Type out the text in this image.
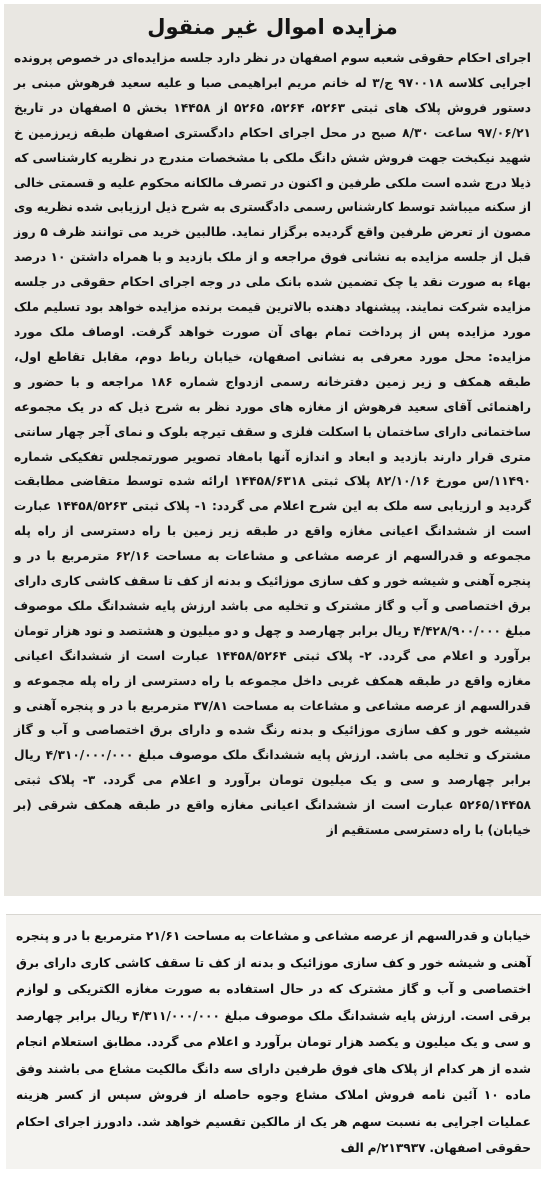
مزایده اموال غیر منقول

اجرای احکام حقوقی شعبه سوم اصفهان در نظر دارد جلسه مزایده‌ای در خصوص پرونده اجرایی کلاسه ۹۷۰۰۱۸ ج/۳ له خانم مریم ابراهیمی صبا و علیه سعید فرهوش مبنی بر دستور فروش پلاک های ثبتی ۵۲۶۳، ۵۲۶۴، ۵۲۶۵ از ۱۴۴۵۸ بخش ۵ اصفهان در تاریخ ۹۷/۰۶/۲۱ ساعت ۸/۳۰ صبح در محل اجرای احکام دادگستری اصفهان طبقه زیرزمین خ شهید نیکبخت جهت فروش شش دانگ ملکی با مشخصات مندرج در نظریه کارشناسی که ذیلا درج شده است ملکی طرفین و اکنون در تصرف مالکانه محکوم علیه و قسمتی خالی از سکنه میباشد توسط کارشناس رسمی دادگستری به شرح ذیل ارزیابی شده نظریه وی مصون از تعرض طرفین واقع گردیده برگزار نماید. طالبین خرید می توانند ظرف ۵ روز قبل از جلسه مزایده به نشانی فوق مراجعه و از ملک بازدید و با همراه داشتن ۱۰ درصد بهاء به صورت نقد یا چک تضمین شده بانک ملی در وجه اجرای احکام حقوقی در جلسه مزایده شرکت نمایند. پیشنهاد دهنده بالاترین قیمت برنده مزایده خواهد بود تسلیم ملک مورد مزایده پس از پرداخت تمام بهای آن صورت خواهد گرفت. اوصاف ملک مورد مزایده: محل مورد معرفی به نشانی اصفهان، خیابان رباط دوم، مقابل تقاطع اول، طبقه همکف و زیر زمین دفترخانه رسمی ازدواج شماره ۱۸۶ مراجعه و با حضور و راهنمائی آقای سعید فرهوش از مغازه های مورد نظر به شرح ذیل که در یک مجموعه ساختمانی دارای ساختمان با اسکلت فلزی و سقف تیرچه بلوک و نمای آجر چهار سانتی متری قرار دارند بازدید و ابعاد و اندازه آنها بامفاد تصویر صورتمجلس تفکیکی شماره ۱۱۴۹۰/س مورخ ۸۲/۱۰/۱۶ پلاک ثبتی ۱۴۴۵۸/۶۳۱۸ ارائه شده توسط متقاضی مطابقت گردید و ارزیابی سه ملک به این شرح اعلام می گردد: ۱- پلاک ثبتی ۱۴۴۵۸/۵۲۶۳ عبارت است از ششدانگ اعیانی مغازه واقع در طبقه زیر زمین با راه دسترسی از راه پله مجموعه و قدرالسهم از عرصه مشاعی و مشاعات به مساحت ۶۲/۱۶ مترمربع با در و پنجره آهنی و شیشه خور و کف سازی موزائیک و بدنه از کف تا سقف کاشی کاری دارای برق اختصاصی و آب و گاز مشترک و تخلیه می باشد ارزش پایه ششدانگ ملک موصوف مبلغ ۴/۴۲۸/۹۰۰/۰۰۰ ریال برابر چهارصد و چهل و دو میلیون و هشتصد و نود هزار تومان برآورد و اعلام می گردد. ۲- پلاک ثبتی ۱۴۴۵۸/۵۲۶۴ عبارت است از ششدانگ اعیانی مغازه واقع در طبقه همکف غربی داخل مجموعه با راه دسترسی از راه پله مجموعه و قدرالسهم از عرصه مشاعی و مشاعات به مساحت ۳۷/۸۱ مترمربع با در و پنجره آهنی و شیشه خور و کف سازی موزائیک و بدنه رنگ شده و دارای برق اختصاصی و آب و گاز مشترک و تخلیه می باشد. ارزش پایه ششدانگ ملک موصوف مبلغ ۴/۳۱۰/۰۰۰/۰۰۰ ریال برابر چهارصد و سی و یک میلیون تومان برآورد و اعلام می گردد. ۳- پلاک ثبتی ۵۲۶۵/۱۴۴۵۸ عبارت است از ششدانگ اعیانی مغازه واقع در طبقه همکف شرقی (بر خیابان) با راه دسترسی مستقیم از

خیابان و قدرالسهم از عرصه مشاعی و مشاعات به مساحت ۲۱/۶۱ مترمربع با در و پنجره آهنی و شیشه خور و کف سازی موزائیک و بدنه از کف تا سقف کاشی کاری دارای برق اختصاصی و آب و گاز مشترک که در حال استفاده به صورت مغازه الکتریکی و لوازم برقی است. ارزش پایه ششدانگ ملک موصوف مبلغ ۴/۳۱۱/۰۰۰/۰۰۰ ریال برابر چهارصد و سی و یک میلیون و یکصد هزار تومان برآورد و اعلام می گردد. مطابق استعلام انجام شده از هر کدام از پلاک های فوق طرفین دارای سه دانگ مالکیت مشاع می باشند وفق ماده ۱۰ آئین نامه فروش املاک مشاع وجوه حاصله از فروش سپس از کسر هزینه عملیات اجرایی به نسبت سهم هر یک از مالکین تقسیم خواهد شد. دادورز اجرای احکام حقوقی اصفهان. ۲۱۳۹۳۷/م الف
